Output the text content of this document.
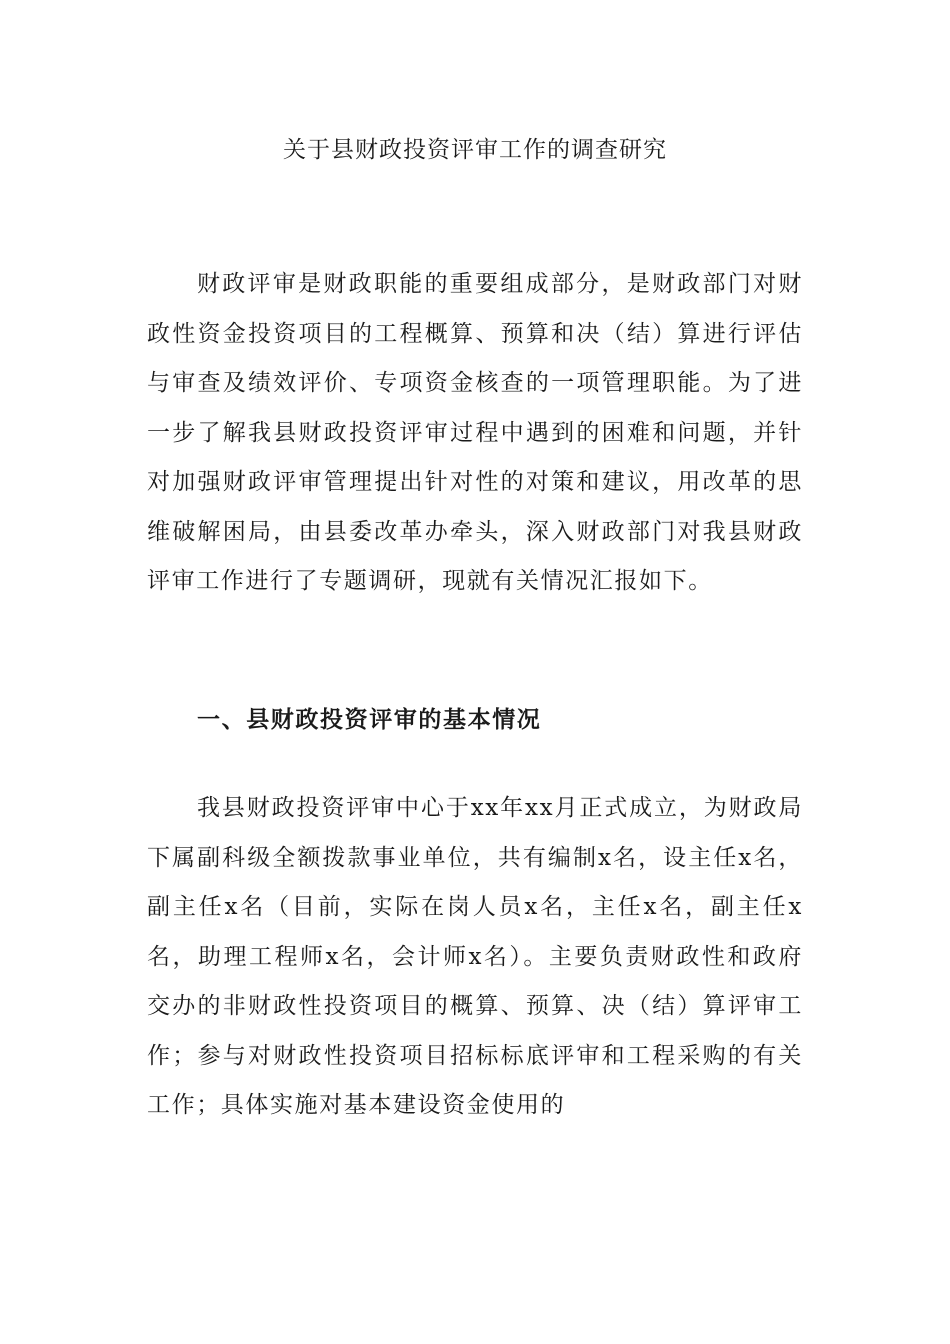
关于县财政投资评审工作的调查研究

财政评审是财政职能的重要组成部分，是财政部门对财政性资金投资项目的工程概算、预算和决（结）算进行评估与审查及绩效评价、专项资金核查的一项管理职能。为了进一步了解我县财政投资评审过程中遇到的困难和问题，并针对加强财政评审管理提出针对性的对策和建议，用改革的思维破解困局，由县委改革办牵头，深入财政部门对我县财政评审工作进行了专题调研，现就有关情况汇报如下。

一、县财政投资评审的基本情况

我县财政投资评审中心于xx年xx月正式成立，为财政局下属副科级全额拨款事业单位，共有编制x名，设主任x名，副主任x名（目前，实际在岗人员x名，主任x名，副主任x名，助理工程师x名，会计师x名）。主要负责财政性和政府交办的非财政性投资项目的概算、预算、决（结）算评审工作；参与对财政性投资项目招标标底评审和工程采购的有关工作；具体实施对基本建设资金使用的
